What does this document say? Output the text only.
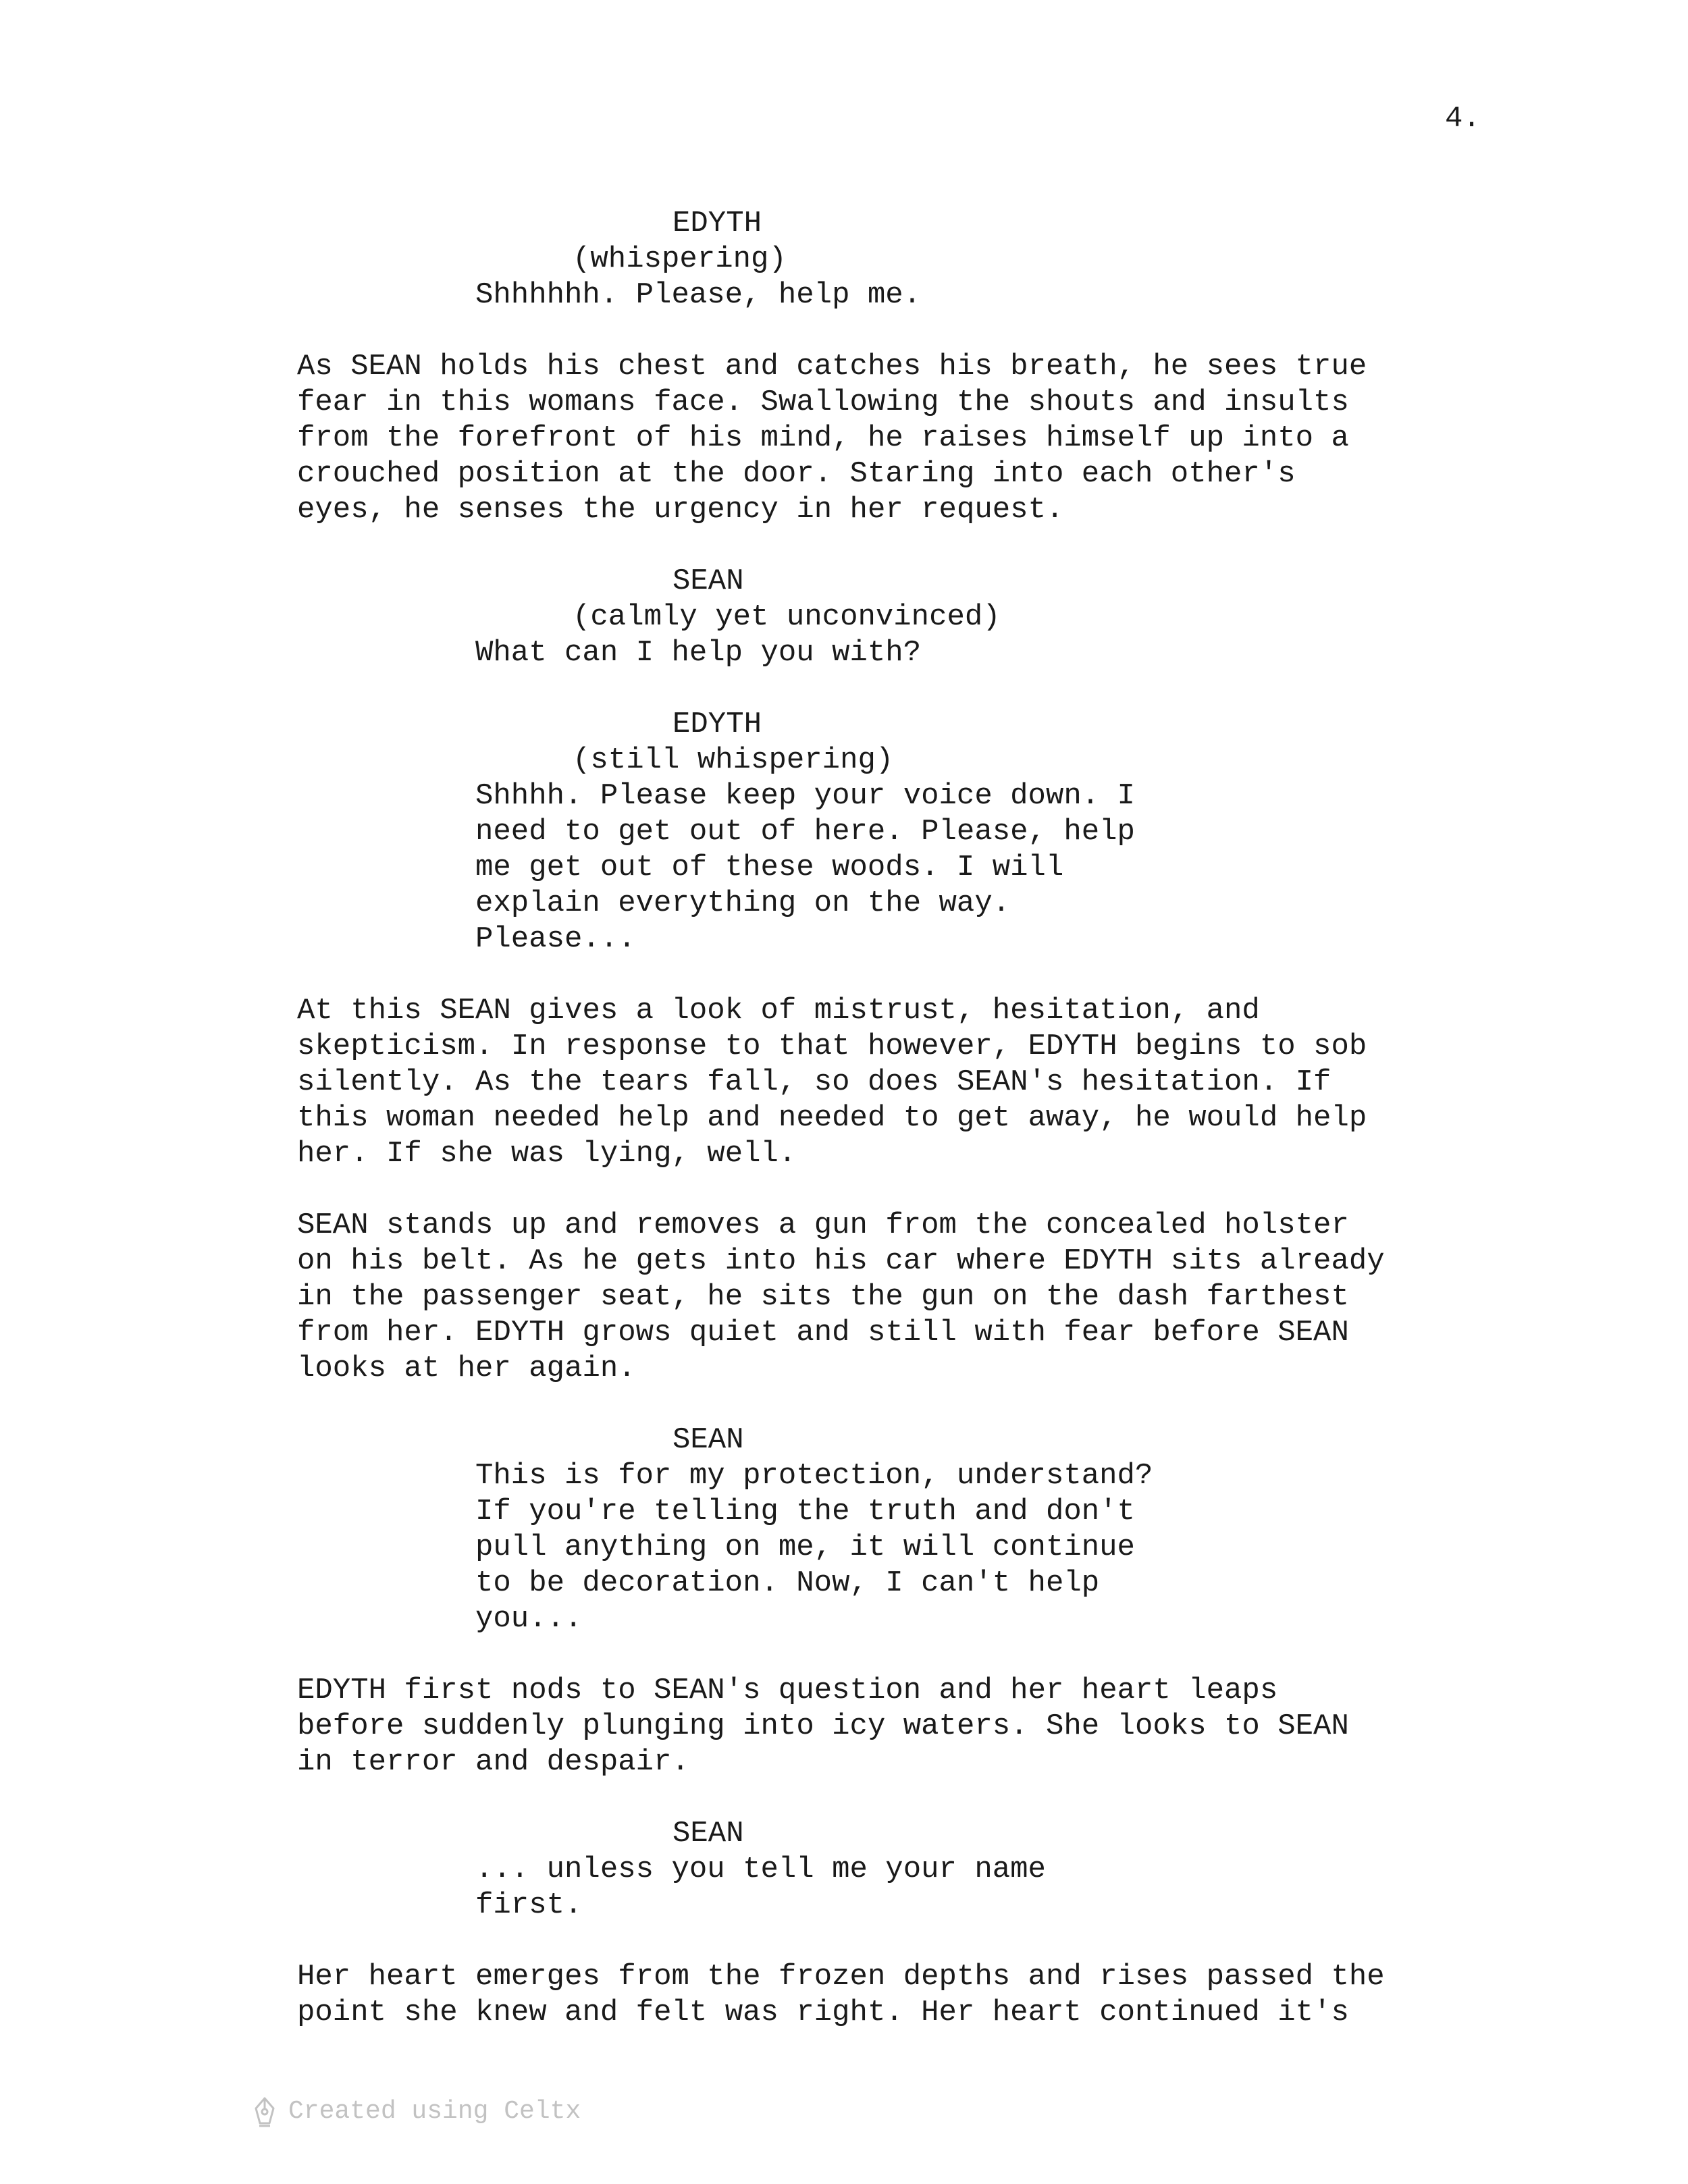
4.
EDYTH
(whispering)
Shhhhhh. Please, help me.
As SEAN holds his chest and catches his breath, he sees true
fear in this womans face. Swallowing the shouts and insults
from the forefront of his mind, he raises himself up into a
crouched position at the door. Staring into each other's
eyes, he senses the urgency in her request.
SEAN
(calmly yet unconvinced)
What can I help you with?
EDYTH
(still whispering)
Shhhh. Please keep your voice down. I
need to get out of here. Please, help
me get out of these woods. I will
explain everything on the way.
Please...
At this SEAN gives a look of mistrust, hesitation, and
skepticism. In response to that however, EDYTH begins to sob
silently. As the tears fall, so does SEAN's hesitation. If
this woman needed help and needed to get away, he would help
her. If she was lying, well.
SEAN stands up and removes a gun from the concealed holster
on his belt. As he gets into his car where EDYTH sits already
in the passenger seat, he sits the gun on the dash farthest
from her. EDYTH grows quiet and still with fear before SEAN
looks at her again.
SEAN
This is for my protection, understand?
If you're telling the truth and don't
pull anything on me, it will continue
to be decoration. Now, I can't help
you...
EDYTH first nods to SEAN's question and her heart leaps
before suddenly plunging into icy waters. She looks to SEAN
in terror and despair.
SEAN
... unless you tell me your name
first.
Her heart emerges from the frozen depths and rises passed the
point she knew and felt was right. Her heart continued it's
Created using Celtx
